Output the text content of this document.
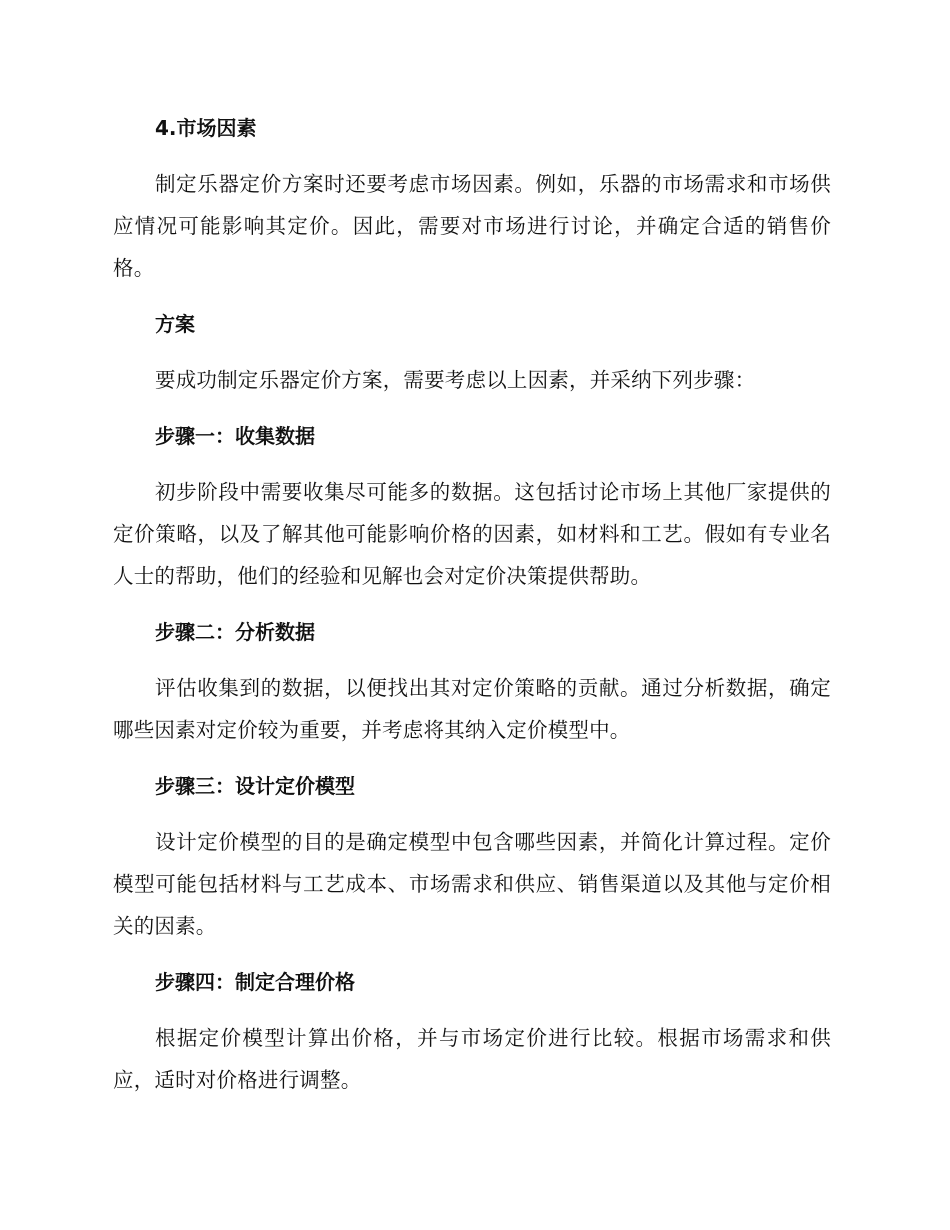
4.市场因素
制定乐器定价方案时还要考虑市场因素。例如，乐器的市场需求和市场供应情况可能影响其定价。因此，需要对市场进行讨论，并确定合适的销售价格。
方案
要成功制定乐器定价方案，需要考虑以上因素，并采纳下列步骤：
步骤一：收集数据
初步阶段中需要收集尽可能多的数据。这包括讨论市场上其他厂家提供的定价策略，以及了解其他可能影响价格的因素，如材料和工艺。假如有专业名人士的帮助，他们的经验和见解也会对定价决策提供帮助。
步骤二：分析数据
评估收集到的数据，以便找出其对定价策略的贡献。通过分析数据，确定哪些因素对定价较为重要，并考虑将其纳入定价模型中。
步骤三：设计定价模型
设计定价模型的目的是确定模型中包含哪些因素，并简化计算过程。定价模型可能包括材料与工艺成本、市场需求和供应、销售渠道以及其他与定价相关的因素。
步骤四：制定合理价格
根据定价模型计算出价格，并与市场定价进行比较。根据市场需求和供应，适时对价格进行调整。
